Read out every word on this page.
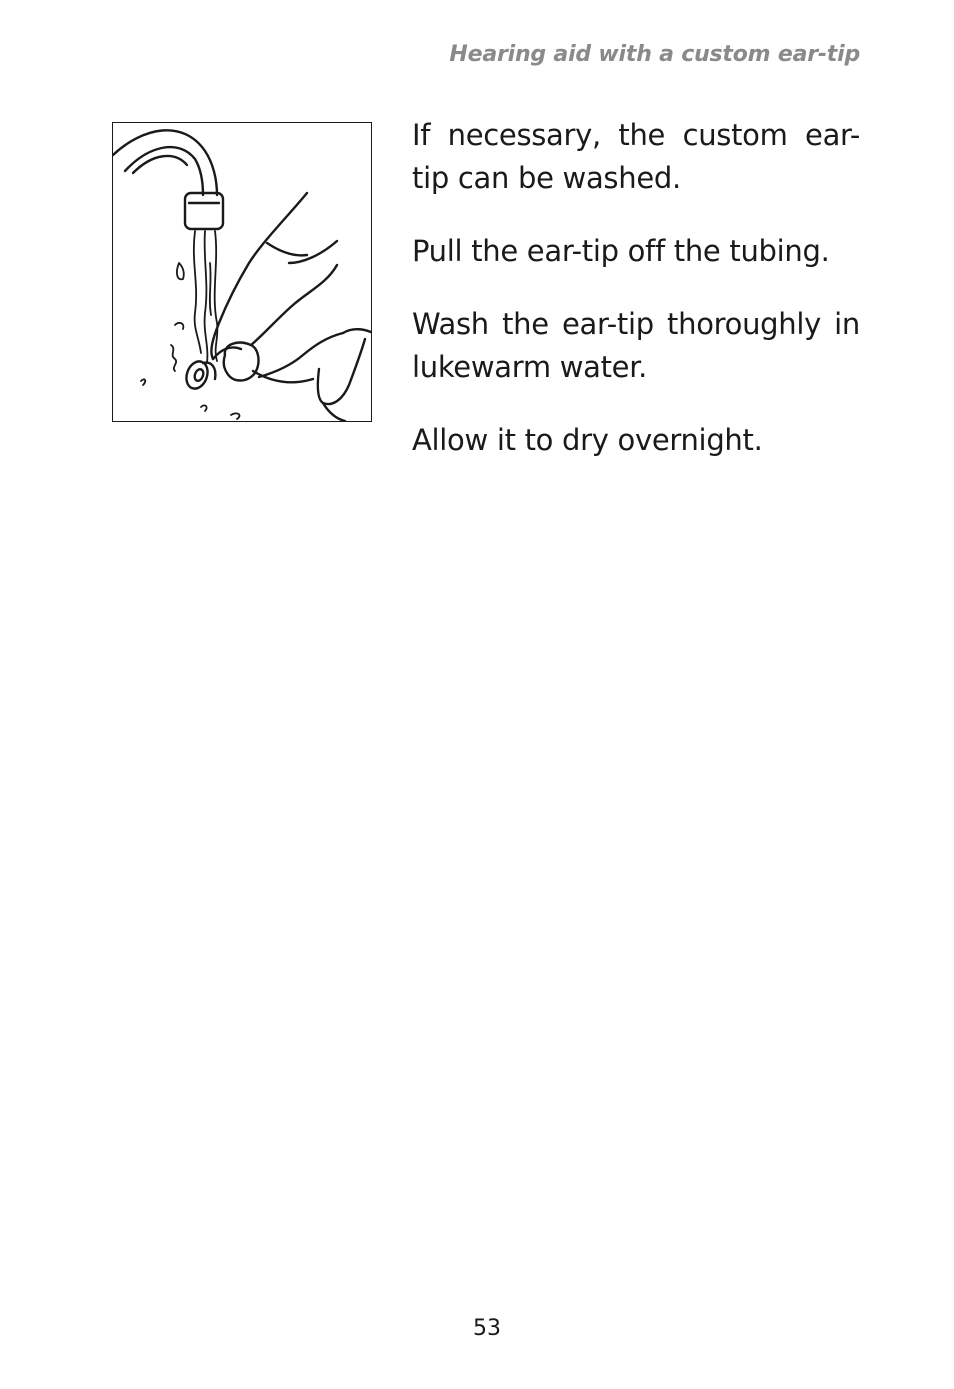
Hearing aid with a custom ear-tip

If necessary, the custom ear-tip can be washed.

Pull the ear-tip off the tubing.

Wash the ear-tip thoroughly in lukewarm water.

Allow it to dry overnight.

53
